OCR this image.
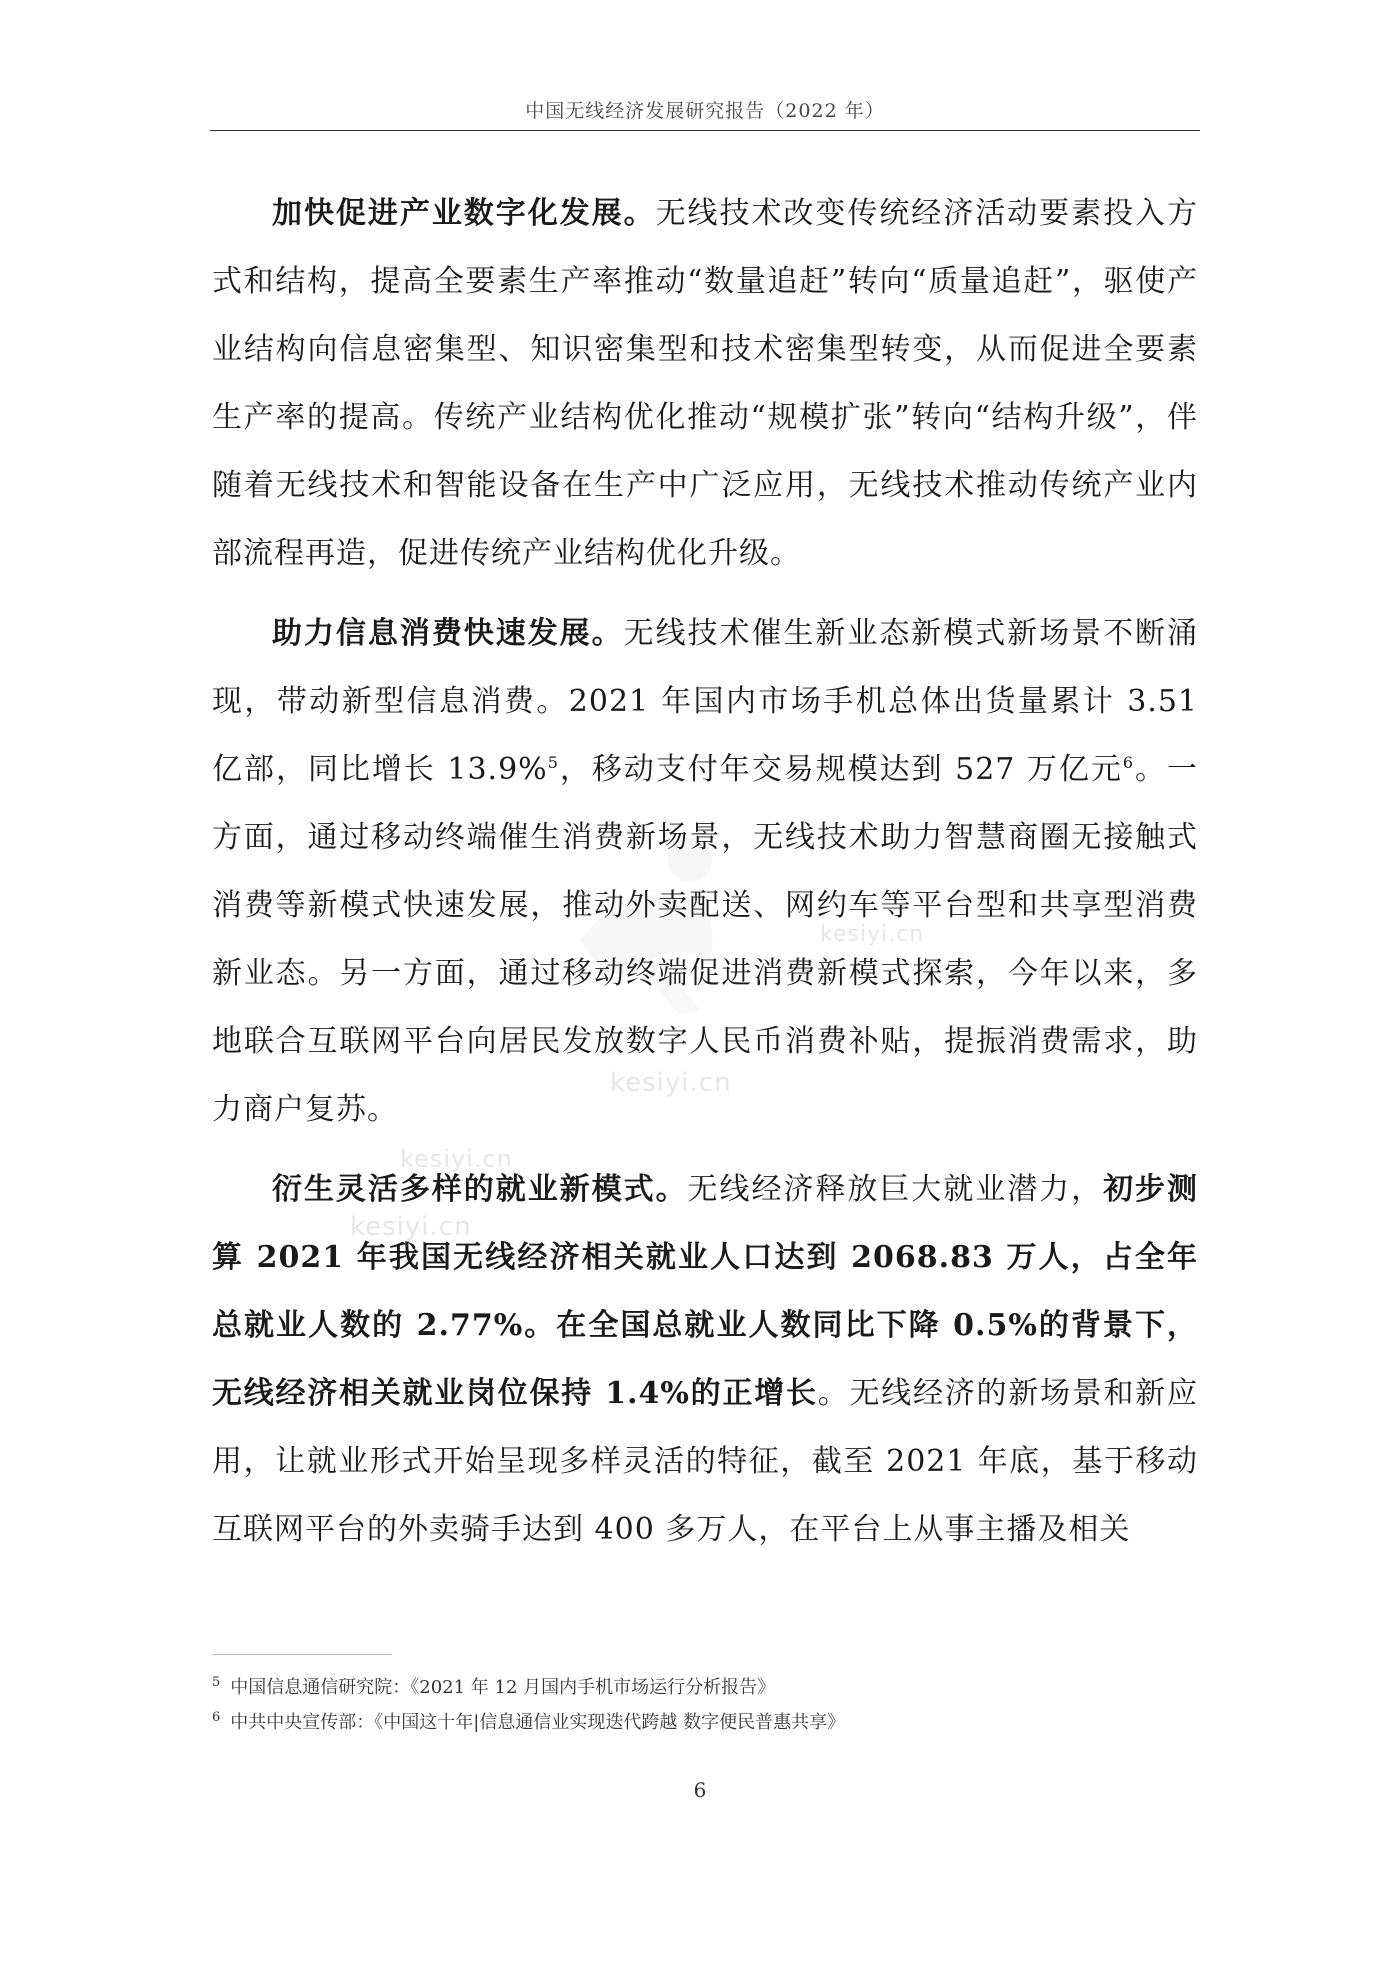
中国无线经济发展研究报告（2022 年）
kesiyi.cn
kesiyi.cn
kesiyi.cn
kesiyi.cn

加快促进产业数字化发展。无线技术改变传统经济活动要素投入方式和结构，提高全要素生产率推动“数量追赶”转向“质量追赶”，驱使产业结构向信息密集型、知识密集型和技术密集型转变，从而促进全要素生产率的提高。传统产业结构优化推动“规模扩张”转向“结构升级”，伴随着无线技术和智能设备在生产中广泛应用，无线技术推动传统产业内部流程再造，促进传统产业结构优化升级。

助力信息消费快速发展。无线技术催生新业态新模式新场景不断涌现，带动新型信息消费。2021 年国内市场手机总体出货量累计 3.51 亿部，同比增长 13.9%$^5$，移动支付年交易规模达到 527 万亿元$^6$。一方面，通过移动终端催生消费新场景，无线技术助力智慧商圈无接触式消费等新模式快速发展，推动外卖配送、网约车等平台型和共享型消费新业态。另一方面，通过移动终端促进消费新模式探索，今年以来，多地联合互联网平台向居民发放数字人民币消费补贴，提振消费需求，助力商户复苏。

衍生灵活多样的就业新模式。无线经济释放巨大就业潜力，初步测算 2021 年我国无线经济相关就业人口达到 2068.83 万人，占全年总就业人数的 2.77%。在全国总就业人数同比下降 0.5%的背景下，无线经济相关就业岗位保持 1.4%的正增长。无线经济的新场景和新应用，让就业形式开始呈现多样灵活的特征，截至 2021 年底，基于移动互联网平台的外卖骑手达到 400 多万人，在平台上从事主播及相关

$^5$ 中国信息通信研究院：《2021 年 12 月国内手机市场运行分析报告》
$^6$ 中共中央宣传部：《中国这十年|信息通信业实现迭代跨越 数字便民普惠共享》
6
